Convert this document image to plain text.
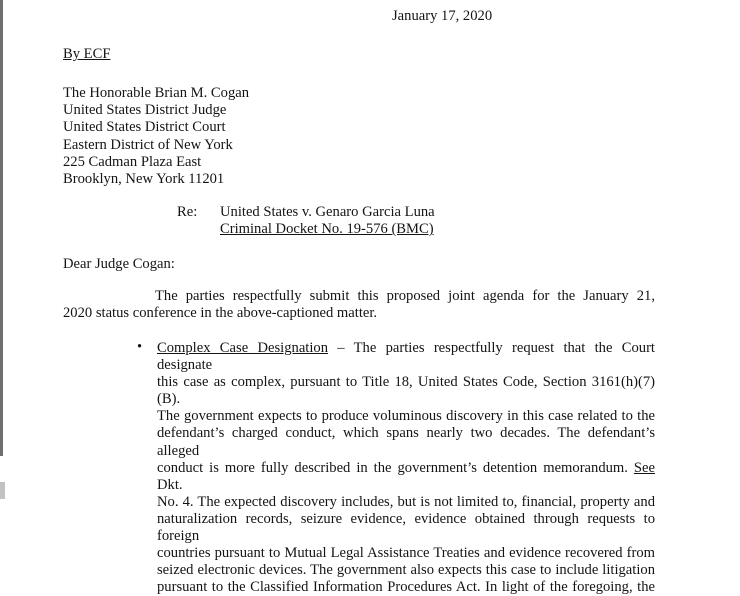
January 17, 2020
By ECF
The Honorable Brian M. Cogan
United States District Judge
United States District Court
Eastern District of New York
225 Cadman Plaza East
Brooklyn, New York 11201
Re: United States v. Genaro Garcia Luna
Criminal Docket No. 19-576 (BMC)
Dear Judge Cogan:
The parties respectfully submit this proposed joint agenda for the January 21,
2020 status conference in the above-captioned matter.
• Complex Case Designation – The parties respectfully request that the Court designate
this case as complex, pursuant to Title 18, United States Code, Section 3161(h)(7)(B).
The government expects to produce voluminous discovery in this case related to the
defendant’s charged conduct, which spans nearly two decades. The defendant’s alleged
conduct is more fully described in the government’s detention memorandum. See Dkt.
No. 4. The expected discovery includes, but is not limited to, financial, property and
naturalization records, seizure evidence, evidence obtained through requests to foreign
countries pursuant to Mutual Legal Assistance Treaties and evidence recovered from
seized electronic devices. The government also expects this case to include litigation
pursuant to the Classified Information Procedures Act. In light of the foregoing, the
